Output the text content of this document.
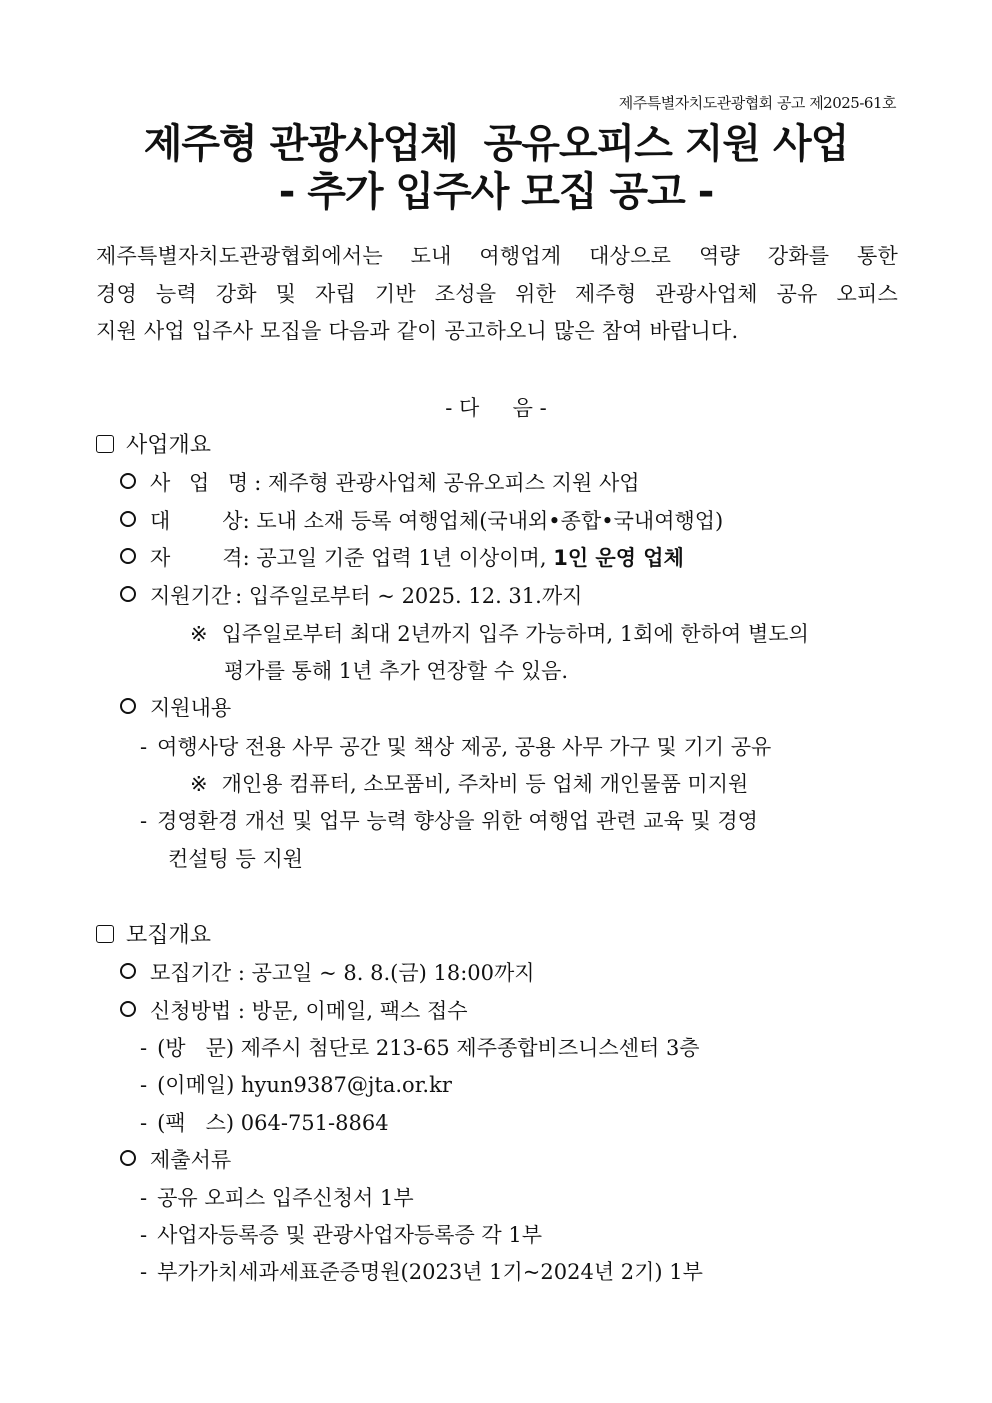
제주특별자치도관광협회 공고 제2025-61호
제주형 관광사업체  공유오피스 지원 사업
- 추가 입주사 모집 공고 -
제주특별자치도관광협회에서는 도내 여행업계 대상으로 역량 강화를 통한
경영 능력 강화 및 자립 기반 조성을 위한 제주형 관광사업체 공유 오피스
지원 사업 입주사 모집을 다음과 같이 공고하오니 많은 참여 바랍니다.
- 다     음 -
사업개요
사 업 명: 제주형 관광사업체 공유오피스 지원 사업
대 상: 도내 소재 등록 여행업체(국내외•종합•국내여행업)
자 격: 공고일 기준 업력 1년 이상이며, 1인 운영 업체
지원기간 : 입주일로부터 ~ 2025. 12. 31.까지
※ 입주일로부터 최대 2년까지 입주 가능하며, 1회에 한하여 별도의
평가를 통해 1년 추가 연장할 수 있음.
지원내용
- 여행사당 전용 사무 공간 및 책상 제공, 공용 사무 가구 및 기기 공유
※ 개인용 컴퓨터, 소모품비, 주차비 등 업체 개인물품 미지원
- 경영환경 개선 및 업무 능력 향상을 위한 여행업 관련 교육 및 경영
컨설팅 등 지원
모집개요
모집기간 : 공고일 ~ 8. 8.(금) 18:00까지
신청방법 : 방문, 이메일, 팩스 접수
- (방   문) 제주시 첨단로 213-65 제주종합비즈니스센터 3층
- (이메일) hyun9387@jta.or.kr
- (팩   스) 064-751-8864
제출서류
- 공유 오피스 입주신청서 1부
- 사업자등록증 및 관광사업자등록증 각 1부
- 부가가치세과세표준증명원(2023년 1기~2024년 2기) 1부
